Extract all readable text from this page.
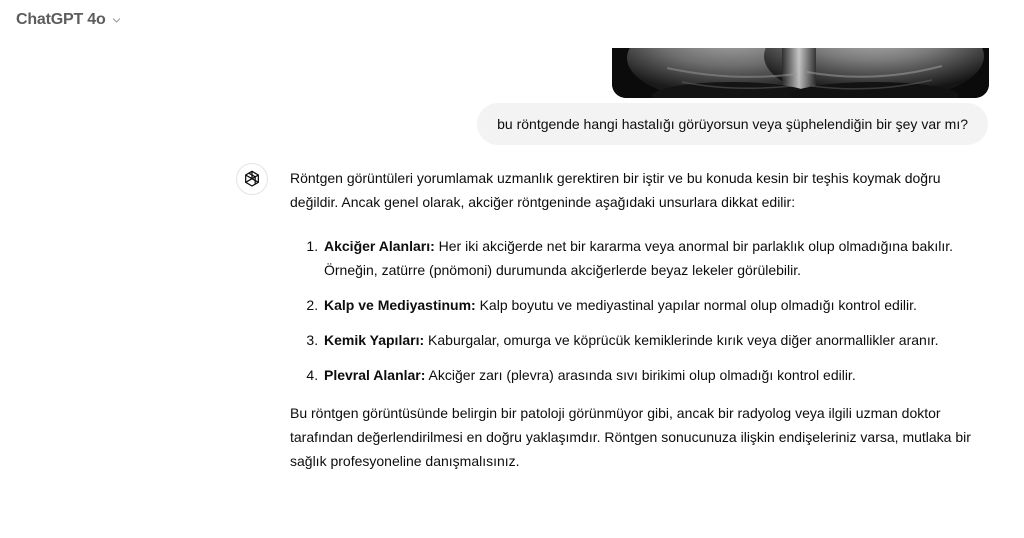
ChatGPT 4o
bu röntgende hangi hastalığı görüyorsun veya şüphelendiğin bir şey var mı?

Röntgen görüntüleri yorumlamak uzmanlık gerektiren bir iştir ve bu konuda kesin bir teşhis koymak doğru değildir. Ancak genel olarak, akciğer röntgeninde aşağıdaki unsurlara dikkat edilir:

1. Akciğer Alanları: Her iki akciğerde net bir kararma veya anormal bir parlaklık olup olmadığına bakılır. Örneğin, zatürre (pnömoni) durumunda akciğerlerde beyaz lekeler görülebilir.
2. Kalp ve Mediyastinum: Kalp boyutu ve mediyastinal yapılar normal olup olmadığı kontrol edilir.
3. Kemik Yapıları: Kaburgalar, omurga ve köprücük kemiklerinde kırık veya diğer anormallikler aranır.
4. Plevral Alanlar: Akciğer zarı (plevra) arasında sıvı birikimi olup olmadığı kontrol edilir.

Bu röntgen görüntüsünde belirgin bir patoloji görünmüyor gibi, ancak bir radyolog veya ilgili uzman doktor tarafından değerlendirilmesi en doğru yaklaşımdır. Röntgen sonucunuza ilişkin endişeleriniz varsa, mutlaka bir sağlık profesyoneline danışmalısınız.
